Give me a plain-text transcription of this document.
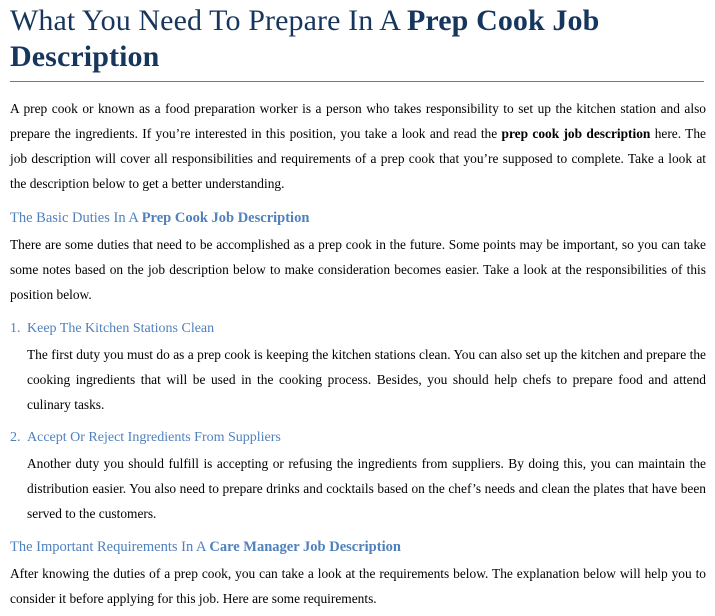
What You Need To Prepare In A Prep Cook Job Description

A prep cook or known as a food preparation worker is a person who takes responsibility to set up the kitchen station and also prepare the ingredients. If you’re interested in this position, you take a look and read the prep cook job description here. The job description will cover all responsibilities and requirements of a prep cook that you’re supposed to complete. Take a look at the description below to get a better understanding.

The Basic Duties In A Prep Cook Job Description

There are some duties that need to be accomplished as a prep cook in the future. Some points may be important, so you can take some notes based on the job description below to make consideration becomes easier. Take a look at the responsibilities of this position below.

1. Keep The Kitchen Stations Clean

The first duty you must do as a prep cook is keeping the kitchen stations clean. You can also set up the kitchen and prepare the cooking ingredients that will be used in the cooking process. Besides, you should help chefs to prepare food and attend culinary tasks.

2. Accept Or Reject Ingredients From Suppliers

Another duty you should fulfill is accepting or refusing the ingredients from suppliers. By doing this, you can maintain the distribution easier. You also need to prepare drinks and cocktails based on the chef’s needs and clean the plates that have been served to the customers.

The Important Requirements In A Care Manager Job Description

After knowing the duties of a prep cook, you can take a look at the requirements below. The explanation below will help you to consider it before applying for this job. Here are some requirements.
